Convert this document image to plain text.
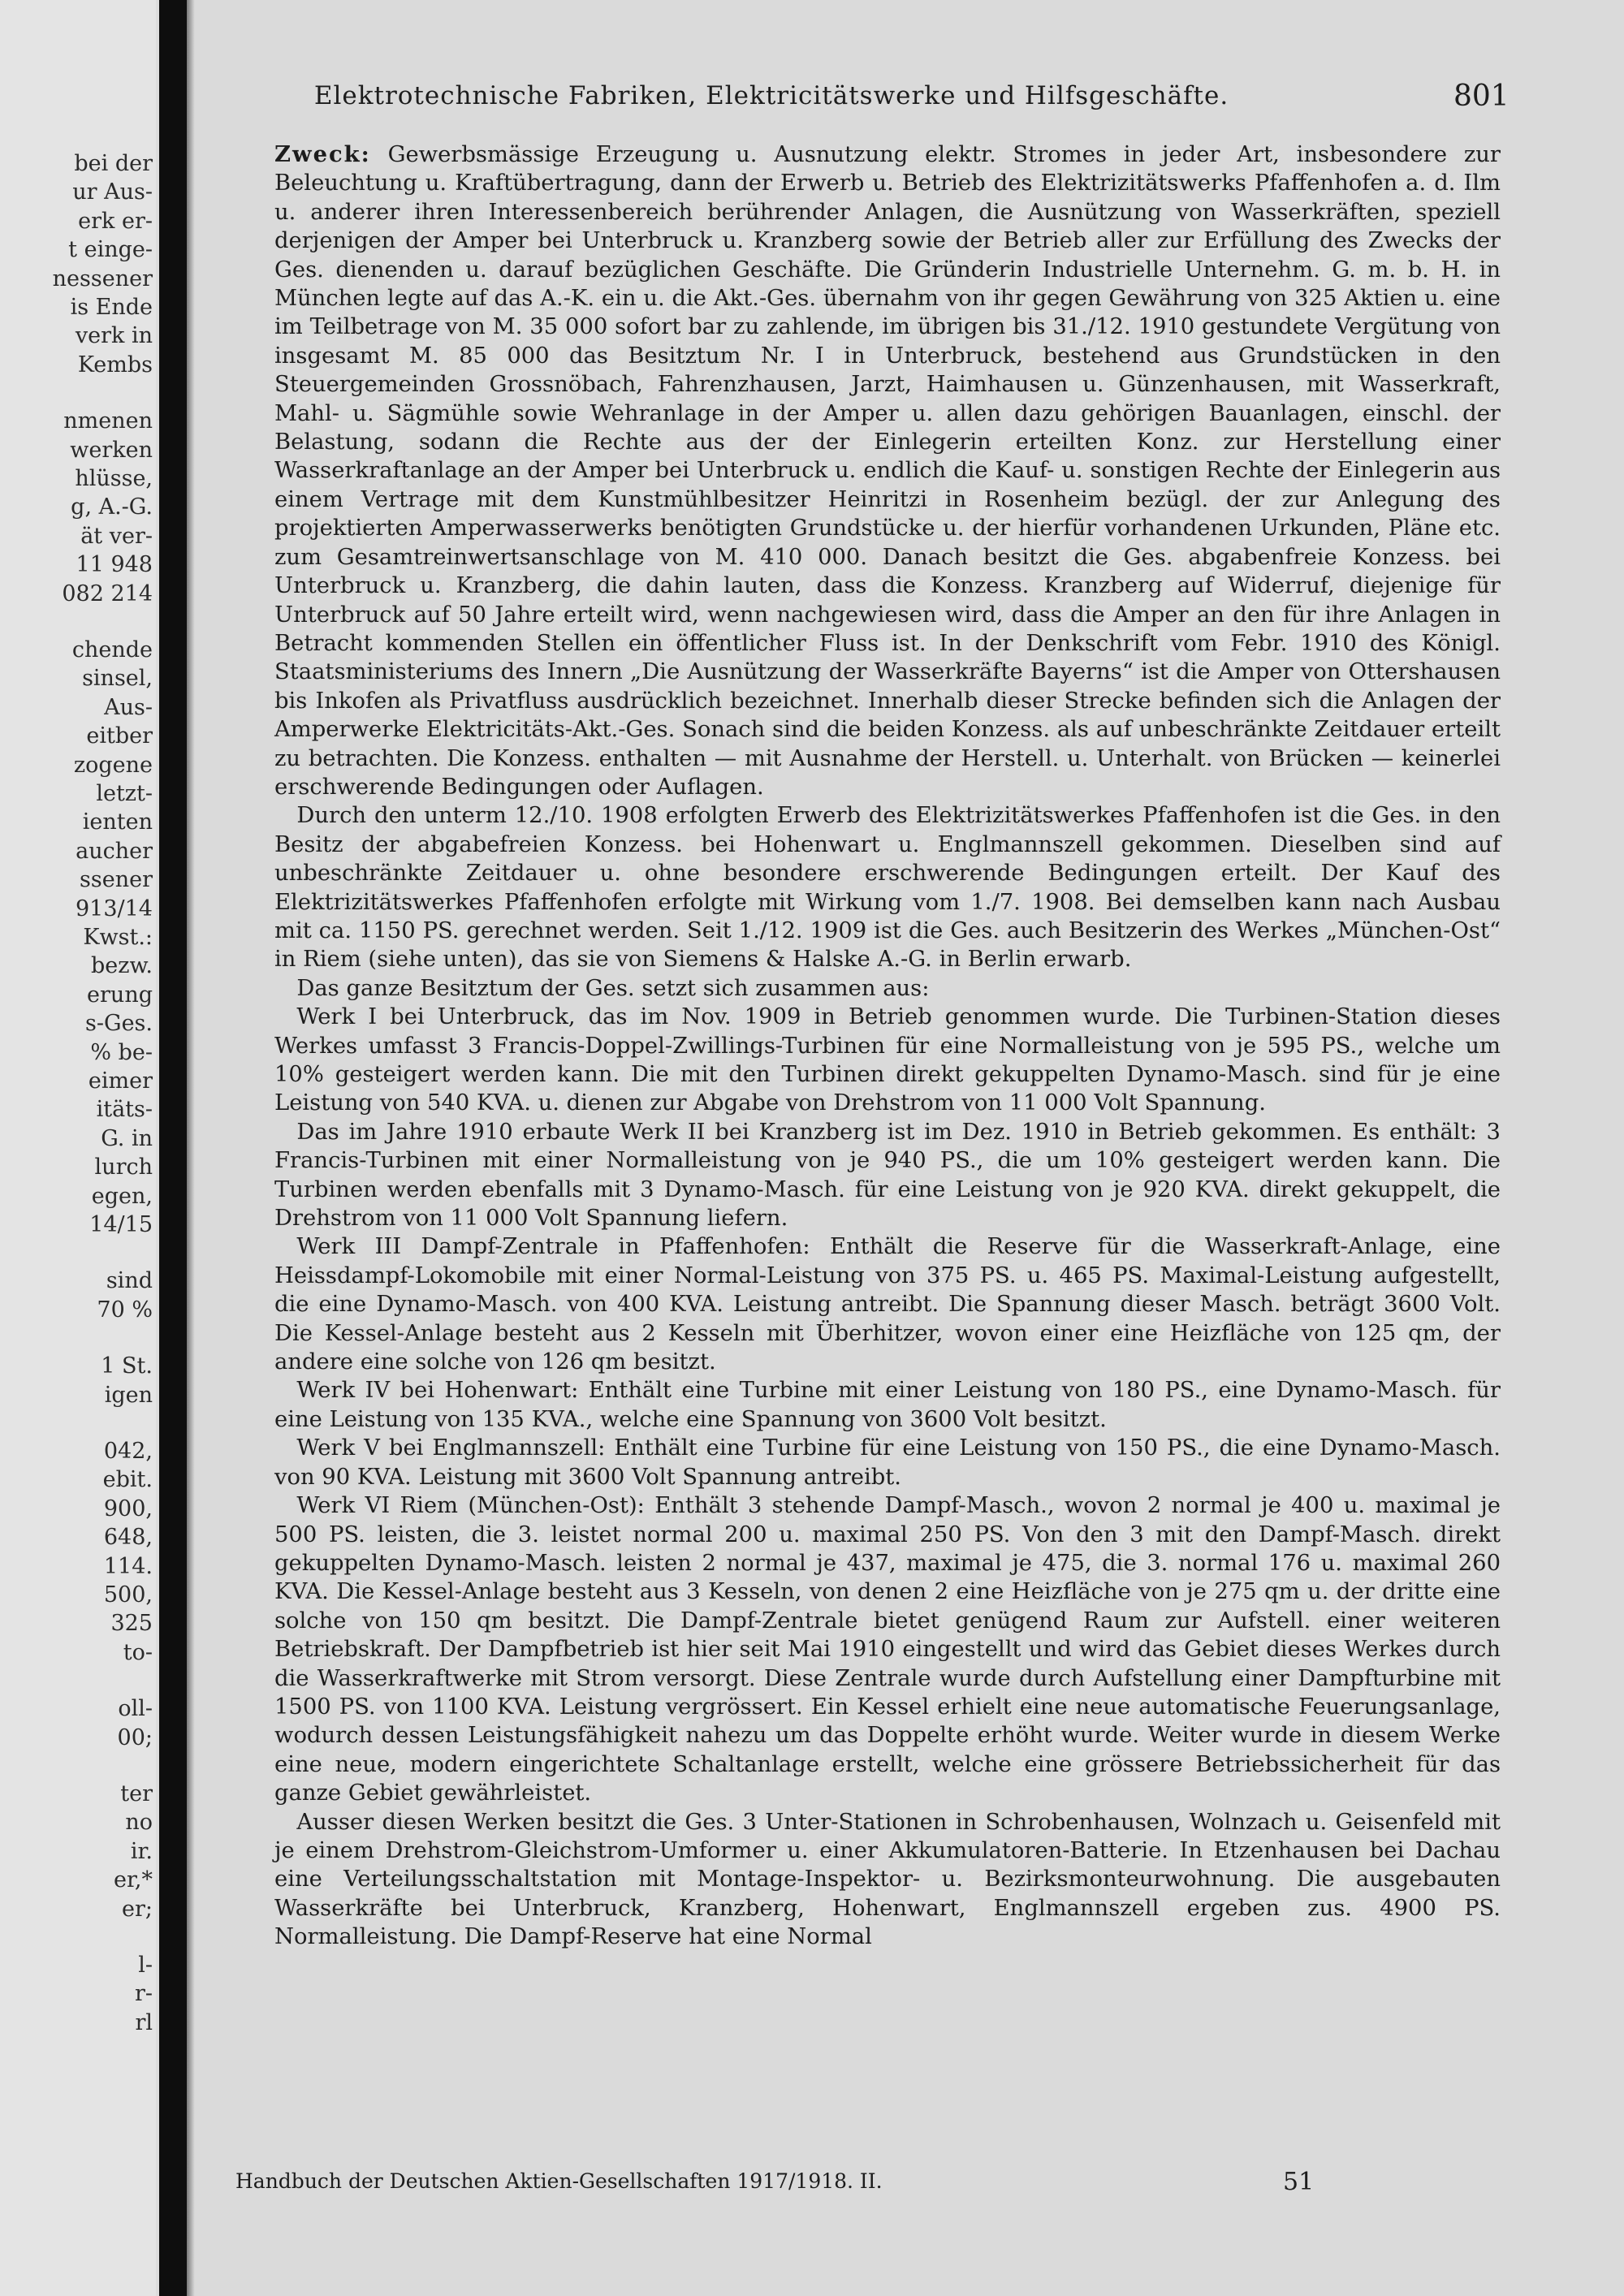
bei der
ur Aus-
erk er-
t einge-
nessener
is Ende
verk in
Kembs
nmenen
werken
hlüsse,
g, A.-G.
ät ver-
11 948
082 214
chende
sinsel,
Aus-
eitber
zogene
letzt-
ienten
aucher
ssener
913/14
Kwst.:
bezw.
erung
s-Ges.
% be-
eimer
itäts-
G. in
lurch
egen,
14/15
sind
70 %
1 St.
igen
042,
ebit.
900,
648,
114.
500,
325
to-
oll-
00;
ter
no
ir.
er,*
er;
l-
r-
rl
Elektrotechnische Fabriken, Elektricitätswerke und Hilfsgeschäfte.	801

Zweck: Gewerbsmässige Erzeugung u. Ausnutzung elektr. Stromes in jeder Art, insbesondere zur Beleuchtung u. Kraftübertragung, dann der Erwerb u. Betrieb des Elektrizitätswerks Pfaffenhofen a. d. Ilm u. anderer ihren Interessenbereich berührender Anlagen, die Ausnützung von Wasserkräften, speziell derjenigen der Amper bei Unterbruck u. Kranzberg sowie der Betrieb aller zur Erfüllung des Zwecks der Ges. dienenden u. darauf bezüglichen Geschäfte. Die Gründerin Industrielle Unternehm. G. m. b. H. in München legte auf das A.-K. ein u. die Akt.-Ges. übernahm von ihr gegen Gewährung von 325 Aktien u. eine im Teilbetrage von M. 35 000 sofort bar zu zahlende, im übrigen bis 31./12. 1910 gestundete Vergütung von insgesamt M. 85 000 das Besitztum Nr. I in Unterbruck, bestehend aus Grundstücken in den Steuergemeinden Grossnöbach, Fahrenzhausen, Jarzt, Haimhausen u. Günzenhausen, mit Wasserkraft, Mahl- u. Sägmühle sowie Wehranlage in der Amper u. allen dazu gehörigen Bauanlagen, einschl. der Belastung, sodann die Rechte aus der der Einlegerin erteilten Konz. zur Herstellung einer Wasserkraftanlage an der Amper bei Unterbruck u. endlich die Kauf- u. sonstigen Rechte der Einlegerin aus einem Vertrage mit dem Kunstmühlbesitzer Heinritzi in Rosenheim bezügl. der zur Anlegung des projektierten Amperwasserwerks benötigten Grundstücke u. der hierfür vorhandenen Urkunden, Pläne etc. zum Gesamtreinwertsanschlage von M. 410 000. Danach besitzt die Ges. abgabenfreie Konzess. bei Unterbruck u. Kranzberg, die dahin lauten, dass die Konzess. Kranzberg auf Widerruf, diejenige für Unterbruck auf 50 Jahre erteilt wird, wenn nachgewiesen wird, dass die Amper an den für ihre Anlagen in Betracht kommenden Stellen ein öffentlicher Fluss ist. In der Denkschrift vom Febr. 1910 des Königl. Staatsministeriums des Innern „Die Ausnützung der Wasserkräfte Bayerns“ ist die Amper von Ottershausen bis Inkofen als Privatfluss ausdrücklich bezeichnet. Innerhalb dieser Strecke befinden sich die Anlagen der Amperwerke Elektricitäts-Akt.-Ges. Sonach sind die beiden Konzess. als auf unbeschränkte Zeitdauer erteilt zu betrachten. Die Konzess. enthalten — mit Ausnahme der Herstell. u. Unterhalt. von Brücken — keinerlei erschwerende Bedingungen oder Auflagen.

Durch den unterm 12./10. 1908 erfolgten Erwerb des Elektrizitätswerkes Pfaffenhofen ist die Ges. in den Besitz der abgabefreien Konzess. bei Hohenwart u. Englmannszell gekommen. Dieselben sind auf unbeschränkte Zeitdauer u. ohne besondere erschwerende Bedingungen erteilt. Der Kauf des Elektrizitätswerkes Pfaffenhofen erfolgte mit Wirkung vom 1./7. 1908. Bei demselben kann nach Ausbau mit ca. 1150 PS. gerechnet werden. Seit 1./12. 1909 ist die Ges. auch Besitzerin des Werkes „München-Ost“ in Riem (siehe unten), das sie von Siemens & Halske A.-G. in Berlin erwarb.

Das ganze Besitztum der Ges. setzt sich zusammen aus:

Werk I bei Unterbruck, das im Nov. 1909 in Betrieb genommen wurde. Die Turbinen-Station dieses Werkes umfasst 3 Francis-Doppel-Zwillings-Turbinen für eine Normalleistung von je 595 PS., welche um 10% gesteigert werden kann. Die mit den Turbinen direkt gekuppelten Dynamo-Masch. sind für je eine Leistung von 540 KVA. u. dienen zur Abgabe von Drehstrom von 11 000 Volt Spannung.

Das im Jahre 1910 erbaute Werk II bei Kranzberg ist im Dez. 1910 in Betrieb gekommen. Es enthält: 3 Francis-Turbinen mit einer Normalleistung von je 940 PS., die um 10% gesteigert werden kann. Die Turbinen werden ebenfalls mit 3 Dynamo-Masch. für eine Leistung von je 920 KVA. direkt gekuppelt, die Drehstrom von 11 000 Volt Spannung liefern.

Werk III Dampf-Zentrale in Pfaffenhofen: Enthält die Reserve für die Wasserkraft-Anlage, eine Heissdampf-Lokomobile mit einer Normal-Leistung von 375 PS. u. 465 PS. Maximal-Leistung aufgestellt, die eine Dynamo-Masch. von 400 KVA. Leistung antreibt. Die Spannung dieser Masch. beträgt 3600 Volt. Die Kessel-Anlage besteht aus 2 Kesseln mit Überhitzer, wovon einer eine Heizfläche von 125 qm, der andere eine solche von 126 qm besitzt.

Werk IV bei Hohenwart: Enthält eine Turbine mit einer Leistung von 180 PS., eine Dynamo-Masch. für eine Leistung von 135 KVA., welche eine Spannung von 3600 Volt besitzt.

Werk V bei Englmannszell: Enthält eine Turbine für eine Leistung von 150 PS., die eine Dynamo-Masch. von 90 KVA. Leistung mit 3600 Volt Spannung antreibt.

Werk VI Riem (München-Ost): Enthält 3 stehende Dampf-Masch., wovon 2 normal je 400 u. maximal je 500 PS. leisten, die 3. leistet normal 200 u. maximal 250 PS. Von den 3 mit den Dampf-Masch. direkt gekuppelten Dynamo-Masch. leisten 2 normal je 437, maximal je 475, die 3. normal 176 u. maximal 260 KVA. Die Kessel-Anlage besteht aus 3 Kesseln, von denen 2 eine Heizfläche von je 275 qm u. der dritte eine solche von 150 qm besitzt. Die Dampf-Zentrale bietet genügend Raum zur Aufstell. einer weiteren Betriebskraft. Der Dampfbetrieb ist hier seit Mai 1910 eingestellt und wird das Gebiet dieses Werkes durch die Wasserkraftwerke mit Strom versorgt. Diese Zentrale wurde durch Aufstellung einer Dampfturbine mit 1500 PS. von 1100 KVA. Leistung vergrössert. Ein Kessel erhielt eine neue automatische Feuerungsanlage, wodurch dessen Leistungsfähigkeit nahezu um das Doppelte erhöht wurde. Weiter wurde in diesem Werke eine neue, modern eingerichtete Schaltanlage erstellt, welche eine grössere Betriebssicherheit für das ganze Gebiet gewährleistet.

Ausser diesen Werken besitzt die Ges. 3 Unter-Stationen in Schrobenhausen, Wolnzach u. Geisenfeld mit je einem Drehstrom-Gleichstrom-Umformer u. einer Akkumulatoren-Batterie. In Etzenhausen bei Dachau eine Verteilungsschaltstation mit Montage-Inspektor- u. Bezirksmonteurwohnung. Die ausgebauten Wasserkräfte bei Unterbruck, Kranzberg, Hohenwart, Englmannszell ergeben zus. 4900 PS. Normalleistung. Die Dampf-Reserve hat eine Normal

Handbuch der Deutschen Aktien-Gesellschaften 1917/1918. II.	51
